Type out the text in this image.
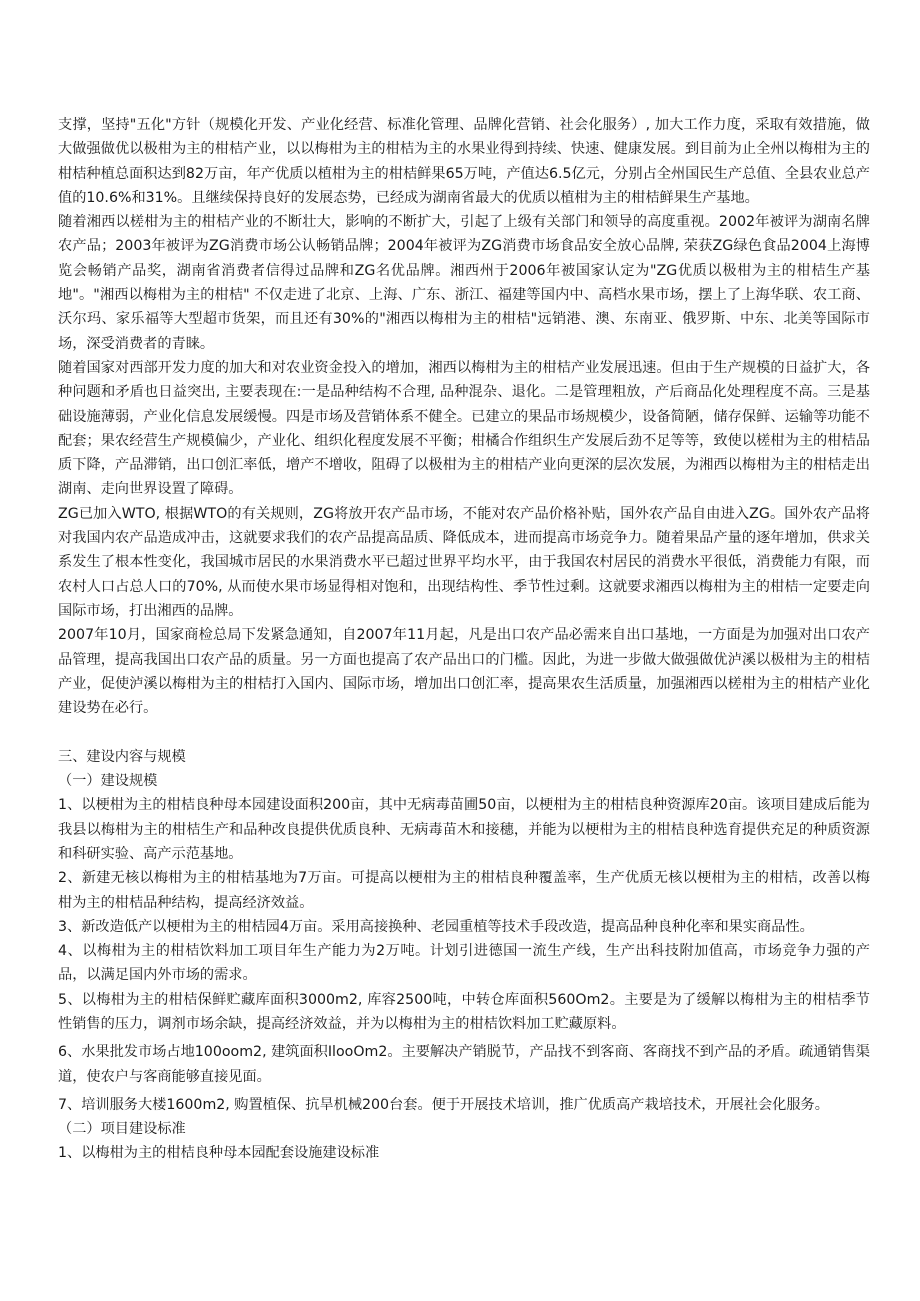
支撑，坚持"五化"方针（规模化开发、产业化经营、标准化管理、品牌化营销、社会化服务）, 加大工作力度，采取有效措施，做大做强做优以极柑为主的柑桔产业，以以梅柑为主的柑桔为主的水果业得到持续、快速、健康发展。到目前为止全州以梅柑为主的柑桔种植总面积达到82万亩，年产优质以植柑为主的柑桔鲜果65万吨，产值达6.5亿元，分别占全州国民生产总值、全县农业总产值的10.6%和31%。且继续保持良好的发展态势，已经成为湖南省最大的优质以植柑为主的柑桔鲜果生产基地。

随着湘西以槎柑为主的柑桔产业的不断壮大，影响的不断扩大，引起了上级有关部门和领导的高度重视。2002年被评为湖南名牌农产品；2003年被评为ZG消费市场公认畅销品牌；2004年被评为ZG消费市场食品安全放心品牌, 荣获ZG绿色食品2004上海博览会畅销产品奖，湖南省消费者信得过品牌和ZG名优品牌。湘西州于2006年被国家认定为"ZG优质以极柑为主的柑桔生产基地"。"湘西以梅柑为主的柑桔" 不仅走进了北京、上海、广东、浙江、福建等国内中、高档水果市场，摆上了上海华联、农工商、沃尔玛、家乐福等大型超市货架，而且还有30%的"湘西以梅柑为主的柑桔"远销港、澳、东南亚、俄罗斯、中东、北美等国际市场，深受消费者的青睐。

随着国家对西部开发力度的加大和对农业资金投入的增加，湘西以梅柑为主的柑桔产业发展迅速。但由于生产规模的日益扩大，各种问题和矛盾也日益突出, 主要表现在:一是品种结构不合理, 品种混杂、退化。二是管理粗放，产后商品化处理程度不高。三是基础设施薄弱，产业化信息发展缓慢。四是市场及营销体系不健全。已建立的果品市场规模少，设备简陋，储存保鲜、运输等功能不配套；果农经营生产规模偏少，产业化、组织化程度发展不平衡；柑橘合作组织生产发展后劲不足等等，致使以槎柑为主的柑桔品质下降，产品滞销，出口创汇率低，增产不增收，阻碍了以极柑为主的柑桔产业向更深的层次发展，为湘西以梅柑为主的柑桔走出湖南、走向世界设置了障碍。

ZG已加入WTO, 根据WTO的有关规则，ZG将放开农产品市场，不能对农产品价格补贴，国外农产品自由进入ZG。国外农产品将对我国内农产品造成冲击，这就要求我们的农产品提高品质、降低成本，进而提高市场竞争力。随着果品产量的逐年增加，供求关系发生了根本性变化，我国城市居民的水果消费水平已超过世界平均水平，由于我国农村居民的消费水平很低，消费能力有限，而农村人口占总人口的70%, 从而使水果市场显得相对饱和，出现结构性、季节性过剩。这就要求湘西以梅柑为主的柑桔一定要走向国际市场，打出湘西的品牌。

2007年10月，国家商检总局下发紧急通知，自2007年11月起，凡是出口农产品必需来自出口基地，一方面是为加强对出口农产品管理，提高我国出口农产品的质量。另一方面也提高了农产品出口的门槛。因此，为进一步做大做强做优泸溪以极柑为主的柑桔产业，促使泸溪以梅柑为主的柑桔打入国内、国际市场，增加出口创汇率，提高果农生活质量，加强湘西以槎柑为主的柑桔产业化建设势在必行。

三、建设内容与规模

（一）建设规模

1、以梗柑为主的柑桔良种母本园建设面积200亩，其中无病毒苗圃50亩，以梗柑为主的柑桔良种资源库20亩。该项目建成后能为我县以梅柑为主的柑桔生产和品种改良提供优质良种、无病毒苗木和接穗，并能为以梗柑为主的柑桔良种选育提供充足的种质资源和科研实验、高产示范基地。

2、新建无核以梅柑为主的柑桔基地为7万亩。可提高以梗柑为主的柑桔良种覆盖率，生产优质无核以梗柑为主的柑桔，改善以梅柑为主的柑桔品种结构，提高经济效益。

3、新改造低产以梗柑为主的柑桔园4万亩。采用高接换种、老园重植等技术手段改造，提高品种良种化率和果实商品性。

4、以梅柑为主的柑桔饮料加工项目年生产能力为2万吨。计划引进德国一流生产线，生产出科技附加值高，市场竞争力强的产品，以满足国内外市场的需求。

5、以梅柑为主的柑桔保鲜贮藏库面积3000m2, 库容2500吨，中转仓库面积560Om2。主要是为了缓解以梅柑为主的柑桔季节性销售的压力，调剂市场余缺，提高经济效益，并为以梅柑为主的柑桔饮料加工贮藏原料。

6、水果批发市场占地100oom2, 建筑面积IlooOm2。主要解决产销脱节，产品找不到客商、客商找不到产品的矛盾。疏通销售渠道，使农户与客商能够直接见面。

7、培训服务大楼1600m2, 购置植保、抗旱机械200台套。便于开展技术培训，推广优质高产栽培技术，开展社会化服务。

（二）项目建设标准

1、以梅柑为主的柑桔良种母本园配套设施建设标准
